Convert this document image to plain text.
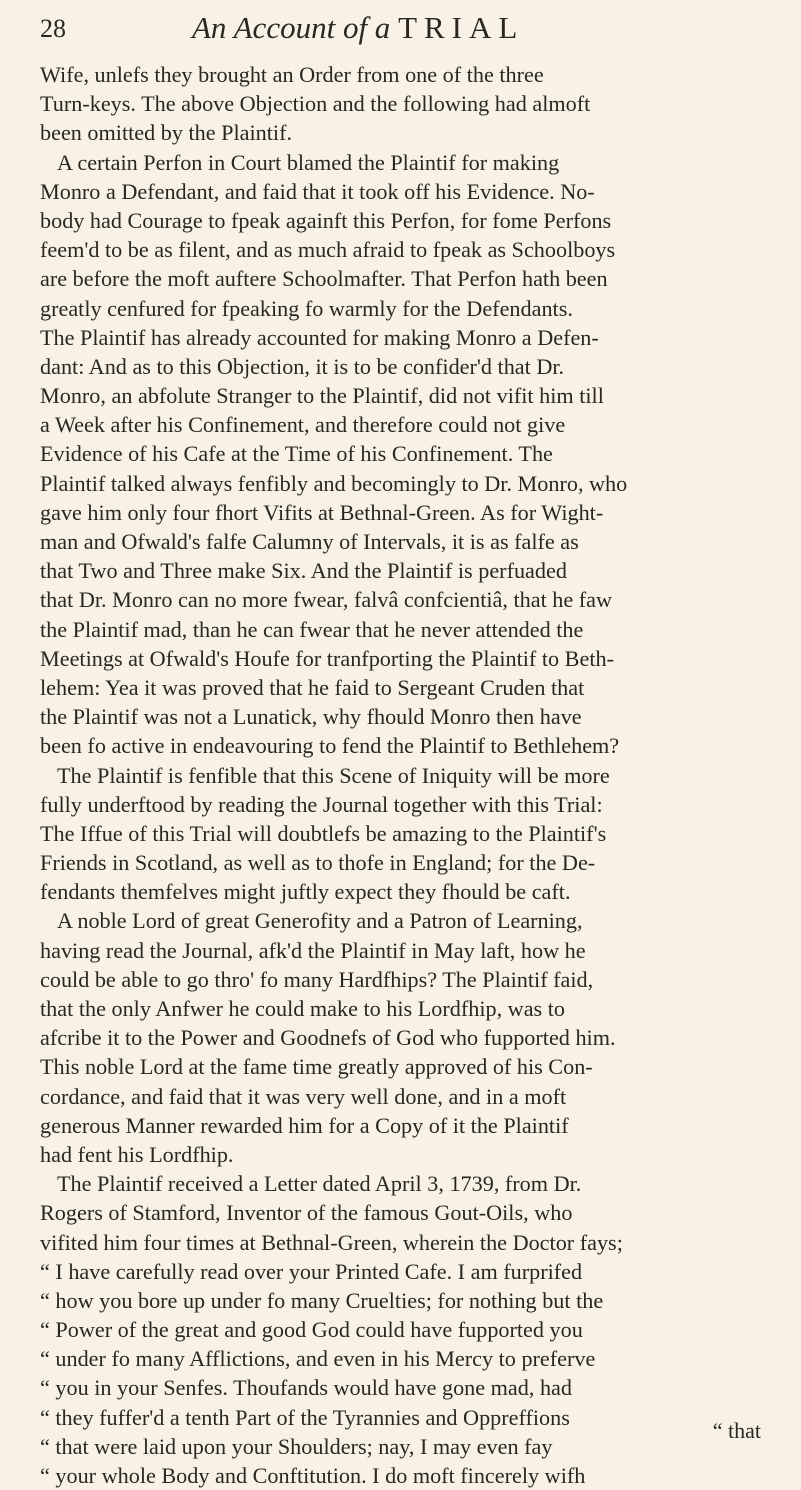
28	An Account of a TRIAL
Wife, unlefs they brought an Order from one of the three
Turn-keys. The above Objection and the following had almoft
been omitted by the Plaintif.
A certain Perfon in Court blamed the Plaintif for making
Monro a Defendant, and faid that it took off his Evidence. No-
body had Courage to fpeak againft this Perfon, for fome Perfons
feem'd to be as filent, and as much afraid to fpeak as Schoolboys
are before the moft auftere Schoolmafter. That Perfon hath been
greatly cenfured for fpeaking fo warmly for the Defendants.
The Plaintif has already accounted for making Monro a Defen-
dant: And as to this Objection, it is to be confider'd that Dr.
Monro, an abfolute Stranger to the Plaintif, did not vifit him till
a Week after his Confinement, and therefore could not give
Evidence of his Cafe at the Time of his Confinement. The
Plaintif talked always fenfibly and becomingly to Dr. Monro, who
gave him only four fhort Vifits at Bethnal-Green. As for Wight-
man and Ofwald's falfe Calumny of Intervals, it is as falfe as
that Two and Three make Six. And the Plaintif is perfuaded
that Dr. Monro can no more fwear, falvâ confcientiâ, that he faw
the Plaintif mad, than he can fwear that he never attended the
Meetings at Ofwald's Houfe for tranfporting the Plaintif to Beth-
lehem: Yea it was proved that he faid to Sergeant Cruden that
the Plaintif was not a Lunatick, why fhould Monro then have
been fo active in endeavouring to fend the Plaintif to Bethlehem?
The Plaintif is fenfible that this Scene of Iniquity will be more
fully underftood by reading the Journal together with this Trial:
The Iffue of this Trial will doubtlefs be amazing to the Plaintif's
Friends in Scotland, as well as to thofe in England; for the De-
fendants themfelves might juftly expect they fhould be caft.
A noble Lord of great Generofity and a Patron of Learning,
having read the Journal, afk'd the Plaintif in May laft, how he
could be able to go thro' fo many Hardfhips? The Plaintif faid,
that the only Anfwer he could make to his Lordfhip, was to
afcribe it to the Power and Goodnefs of God who fupported him.
This noble Lord at the fame time greatly approved of his Con-
cordance, and faid that it was very well done, and in a moft
generous Manner rewarded him for a Copy of it the Plaintif
had fent his Lordfhip.
The Plaintif received a Letter dated April 3, 1739, from Dr.
Rogers of Stamford, Inventor of the famous Gout-Oils, who
vifited him four times at Bethnal-Green, wherein the Doctor fays;
“ I have carefully read over your Printed Cafe. I am furprifed
“ how you bore up under fo many Cruelties; for nothing but the
“ Power of the great and good God could have fupported you
“ under fo many Afflictions, and even in his Mercy to preferve
“ you in your Senfes. Thoufands would have gone mad, had
“ they fuffer'd a tenth Part of the Tyrannies and Oppreffions
“ that were laid upon your Shoulders; nay, I may even fay
“ your whole Body and Conftitution. I do moft fincerely wifh
“ that
